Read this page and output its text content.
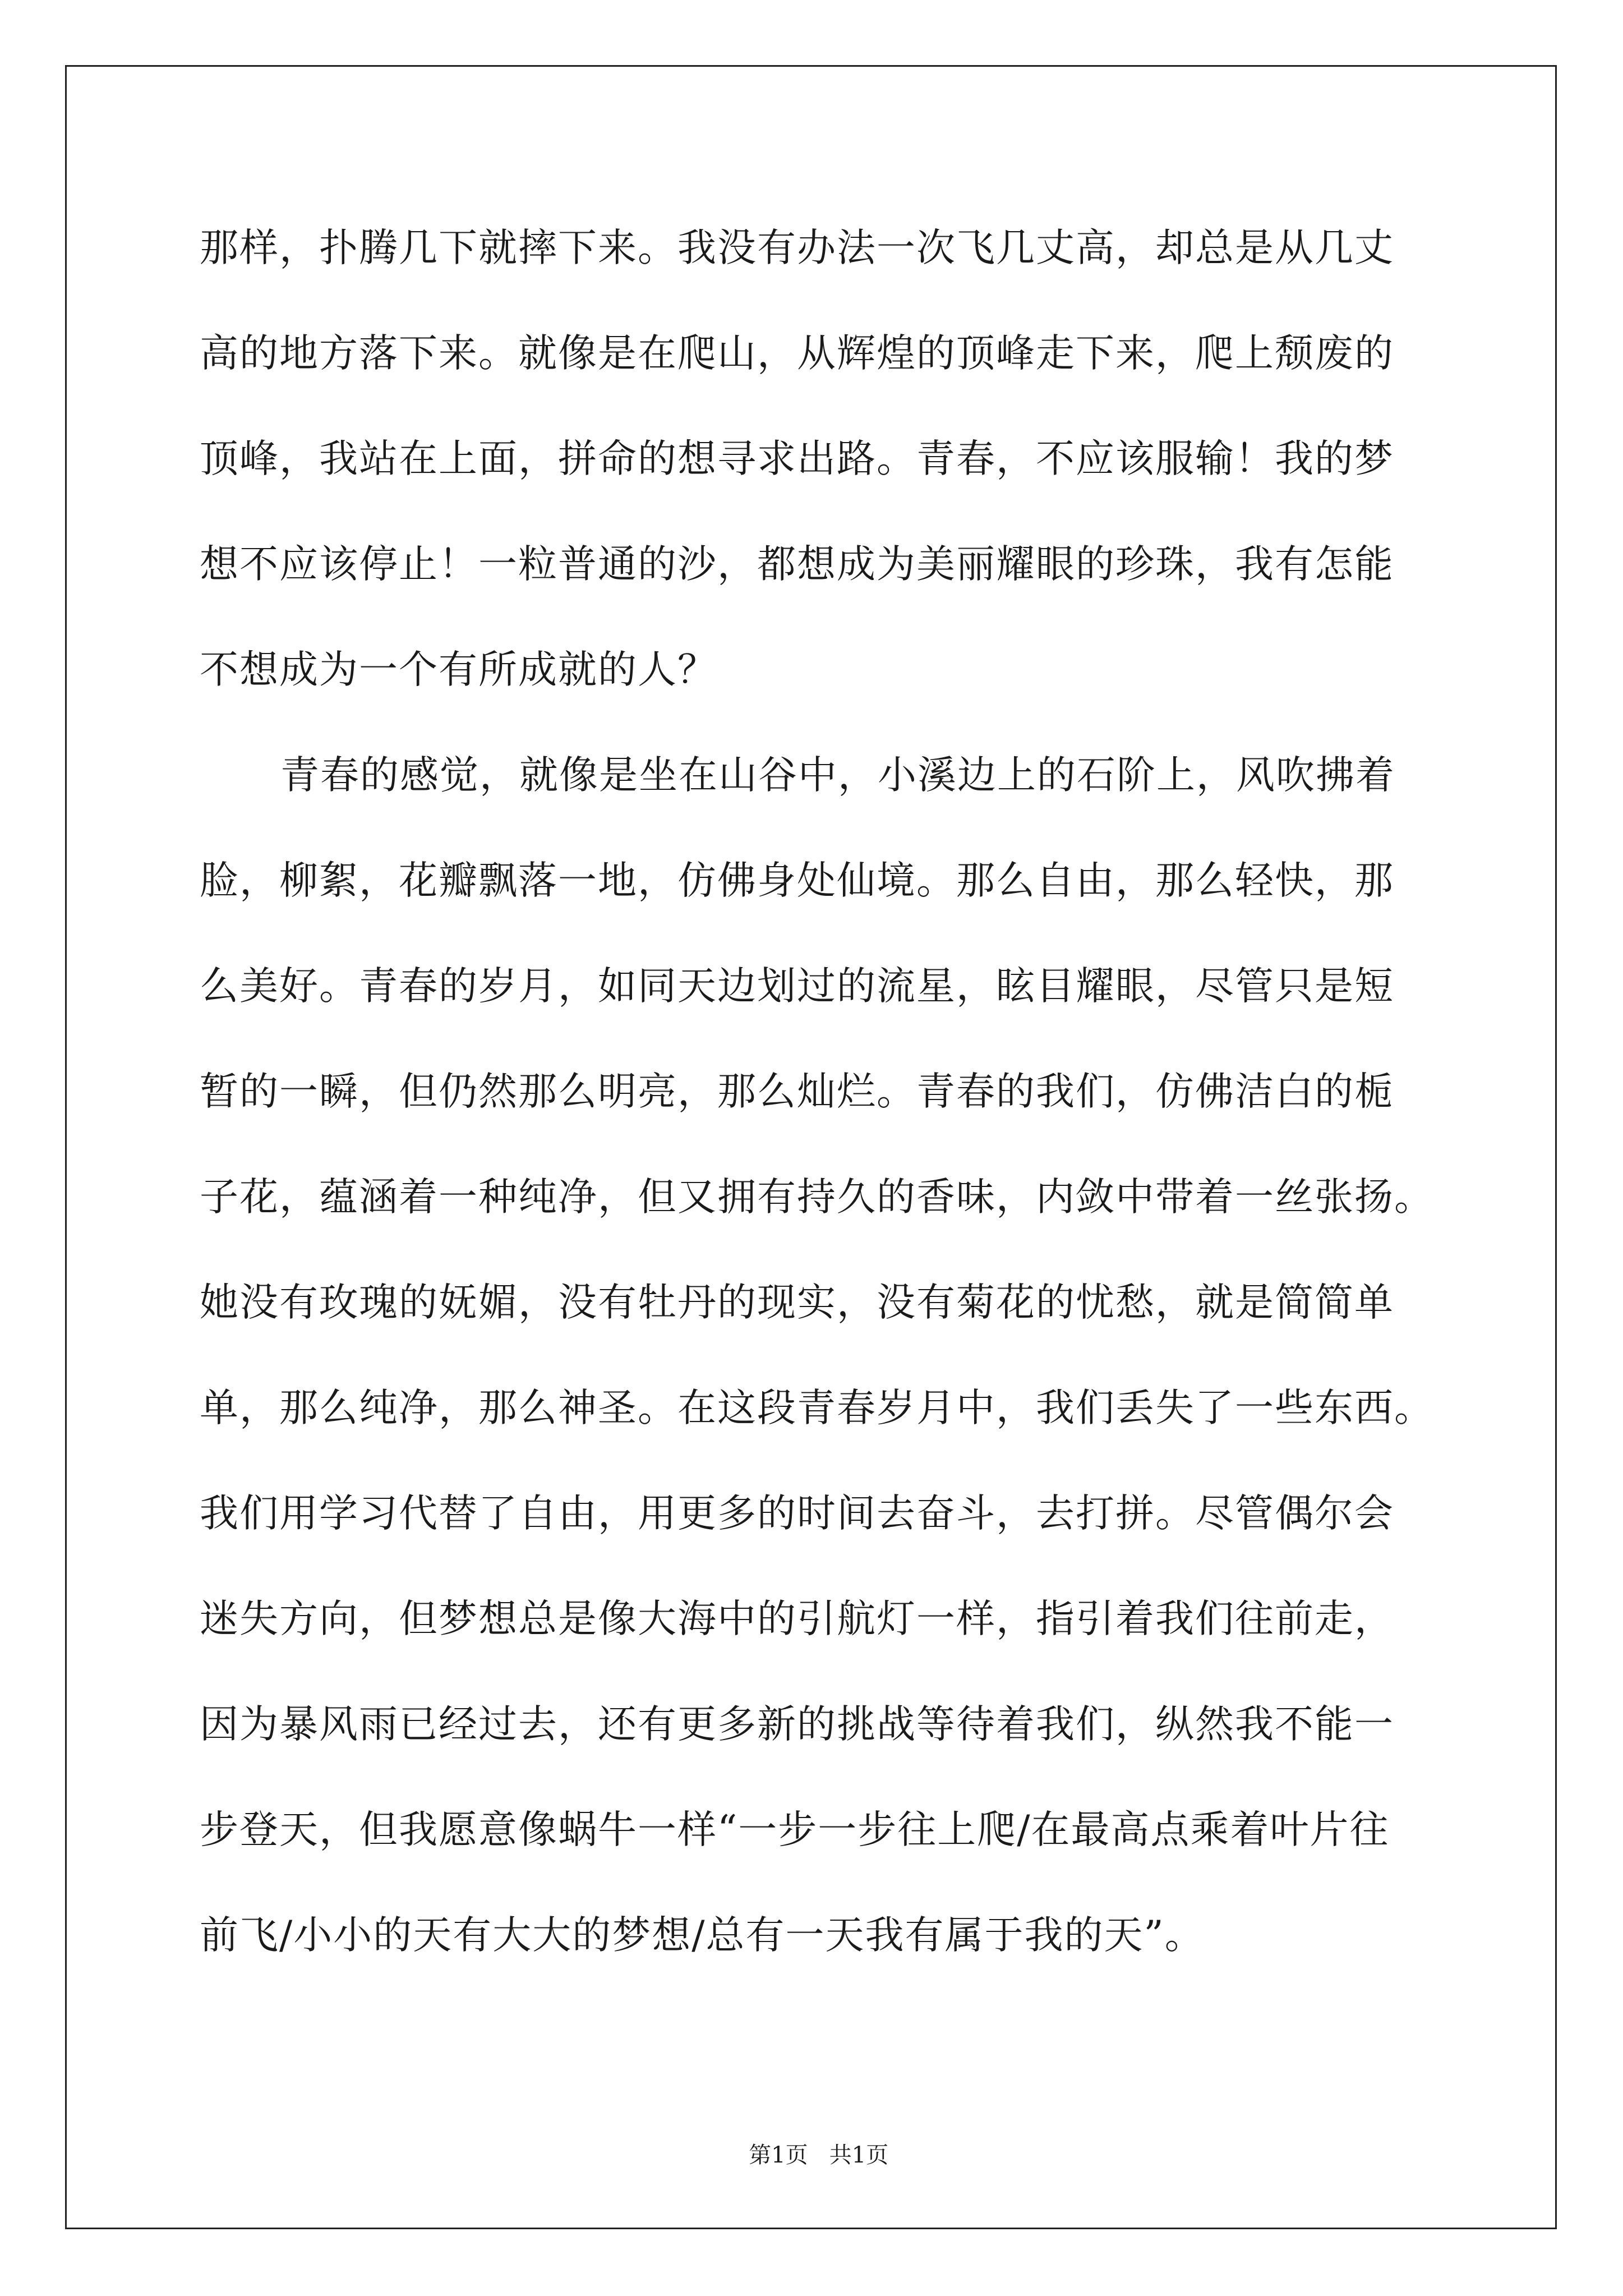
那样，扑腾几下就摔下来。我没有办法一次飞几丈高，却总是从几丈
高的地方落下来。就像是在爬山，从辉煌的顶峰走下来，爬上颓废的
顶峰，我站在上面，拼命的想寻求出路。青春，不应该服输！我的梦
想不应该停止！一粒普通的沙，都想成为美丽耀眼的珍珠，我有怎能
不想成为一个有所成就的人？
青春的感觉，就像是坐在山谷中，小溪边上的石阶上，风吹拂着
脸，柳絮，花瓣飘落一地，仿佛身处仙境。那么自由，那么轻快，那
么美好。青春的岁月，如同天边划过的流星，眩目耀眼，尽管只是短
暂的一瞬，但仍然那么明亮，那么灿烂。青春的我们，仿佛洁白的栀
子花，蕴涵着一种纯净，但又拥有持久的香味，内敛中带着一丝张扬。
她没有玫瑰的妩媚，没有牡丹的现实，没有菊花的忧愁，就是简简单
单，那么纯净，那么神圣。在这段青春岁月中，我们丢失了一些东西。
我们用学习代替了自由，用更多的时间去奋斗，去打拼。尽管偶尔会
迷失方向，但梦想总是像大海中的引航灯一样，指引着我们往前走，
因为暴风雨已经过去，还有更多新的挑战等待着我们，纵然我不能一
步登天，但我愿意像蜗牛一样“一步一步往上爬/在最高点乘着叶片往
前飞/小小的天有大大的梦想/总有一天我有属于我的天”。

第1页   共1页
